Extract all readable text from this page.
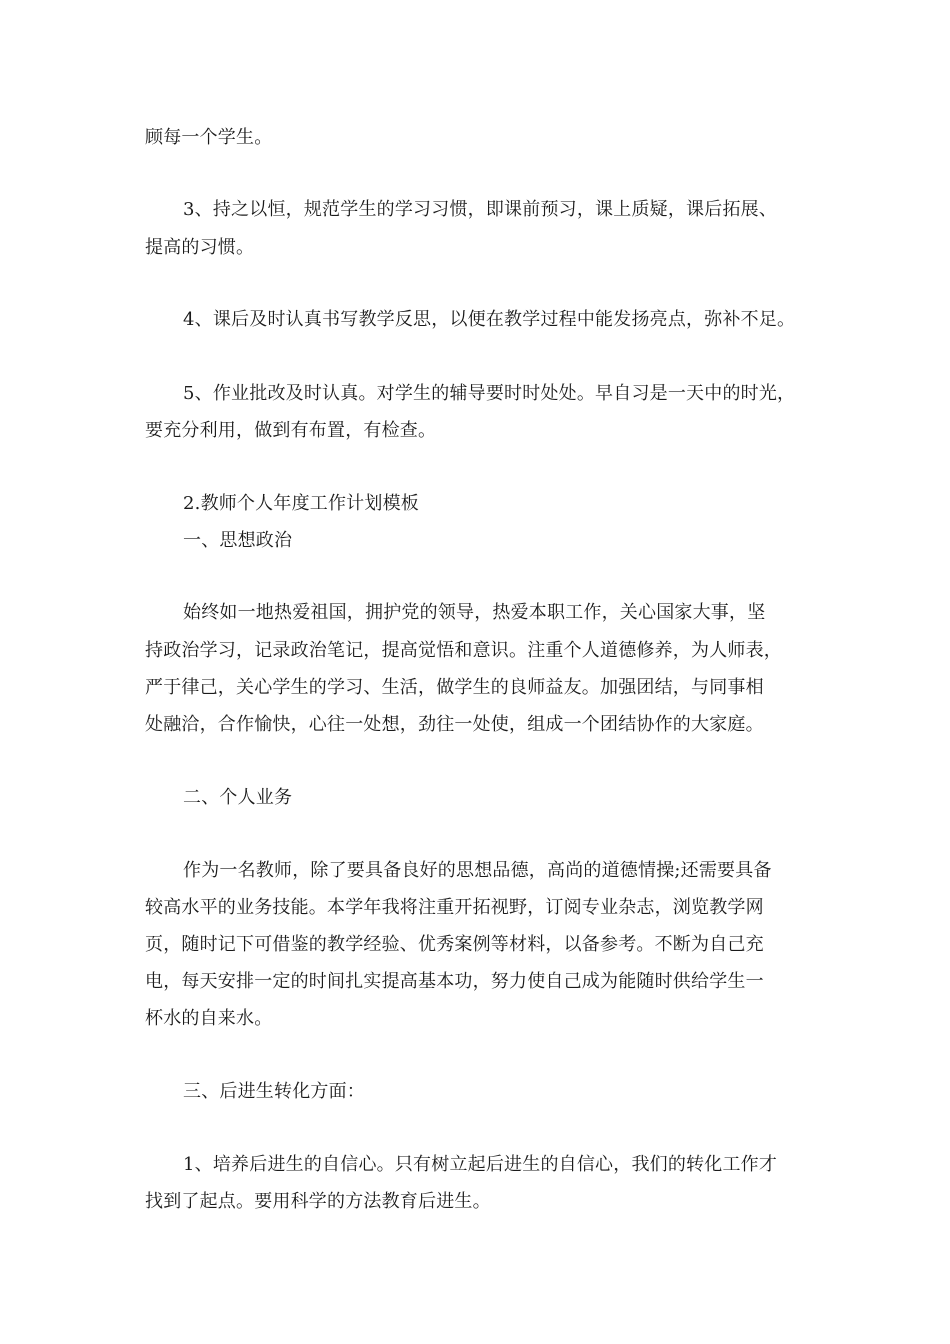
顾每一个学生。
3、持之以恒，规范学生的学习习惯，即课前预习，课上质疑，课后拓展、
提高的习惯。
4、课后及时认真书写教学反思，以便在教学过程中能发扬亮点，弥补不足。
5、作业批改及时认真。对学生的辅导要时时处处。早自习是一天中的时光，
要充分利用，做到有布置，有检查。
2.教师个人年度工作计划模板
一、思想政治
始终如一地热爱祖国，拥护党的领导，热爱本职工作，关心国家大事，坚
持政治学习，记录政治笔记，提高觉悟和意识。注重个人道德修养，为人师表，
严于律己，关心学生的学习、生活，做学生的良师益友。加强团结，与同事相
处融洽，合作愉快，心往一处想，劲往一处使，组成一个团结协作的大家庭。
二、个人业务
作为一名教师，除了要具备良好的思想品德，高尚的道德情操;还需要具备
较高水平的业务技能。本学年我将注重开拓视野，订阅专业杂志，浏览教学网
页，随时记下可借鉴的教学经验、优秀案例等材料，以备参考。不断为自己充
电，每天安排一定的时间扎实提高基本功，努力使自己成为能随时供给学生一
杯水的自来水。
三、后进生转化方面：
1、培养后进生的自信心。只有树立起后进生的自信心，我们的转化工作才
找到了起点。要用科学的方法教育后进生。
